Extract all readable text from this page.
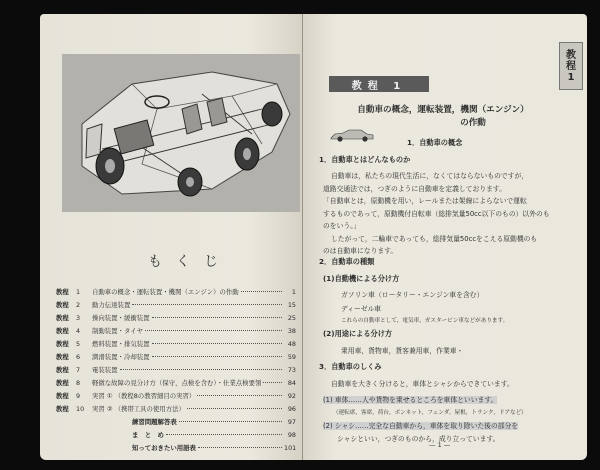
もくじ
教程	1	自動車の概念・運転装置・機関（エンジン）の作動	1
教程	2	動力伝達装置	15
教程	3	操向装置・緩衝装置	25
教程	4	制動装置・タイヤ	38
教程	5	燃料装置・排気装置	48
教程	6	潤滑装置・冷却装置	59
教程	7	電装装置	73
教程	8	軽微な故障の見分け方（保守，点検を含む）・仕業点検要領	84
教程	9	実習 ① （教程8の教習細目の実習）	92
教程	10	実習 ② （携帯工具の使用方法）	96
練習問題解答表	97
ま　と　め	98
知っておきたい用語表	101
教
程
1
教程 1
自動車の概念，運転装置，機関（エンジン）
の作動
1．自動車の概念
1．自動車とはどんなものか
自動車は，私たちの現代生活に，なくてはならないものですが，
道路交通法では，つぎのように自動車を定義しております。
「自動車とは，原動機を用い，レールまたは架線によらないで運転
するものであって，原動機付自転車（総排気量50cc以下のもの）以外のも
のをいう。」
したがって，二輪車であっても，総排気量50ccをこえる原動機のも
のは自動車になります。
2．自動車の種類
(1)自動機による分け方
ガソリン車（ロータリー・エンジン車を含む）
ディーゼル車
これらの自動車として，電気車，ガスタービン車などがあります。
(2)用途による分け方
乗用車，貨物車，貨客兼用車，作業車・
3．自動車のしくみ
自動車を大きく分けると，車体とシャシからできています。
(1) 車体……人や貨物を乗せるところを車体といいます。
（運転席，客席，荷台，ボンネット，フェンダ，屋根，トランク，ドアなど）
(2) シャシ……完全な自動車から，車体を取り除いた後の部分を
シャシといい，つぎのものから，成り立っています。
— 1 —
